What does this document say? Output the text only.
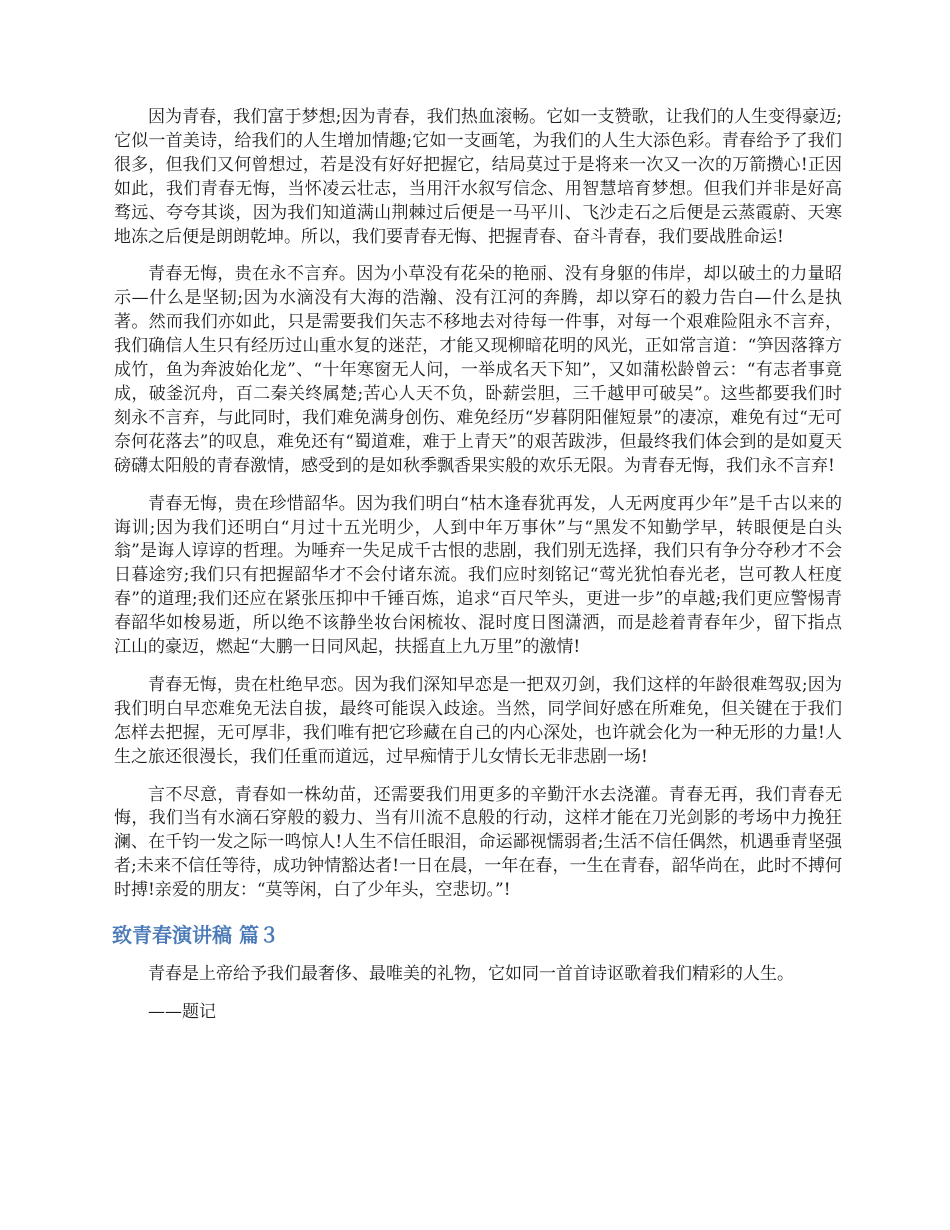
因为青春，我们富于梦想;因为青春，我们热血滚畅。它如一支赞歌，让我们的人生变得豪迈;它似一首美诗，给我们的人生增加情趣;它如一支画笔，为我们的人生大添色彩。青春给予了我们很多，但我们又何曾想过，若是没有好好把握它，结局莫过于是将来一次又一次的万箭攒心!正因如此，我们青春无悔，当怀凌云壮志，当用汗水叙写信念、用智慧培育梦想。但我们并非是好高骛远、夸夸其谈，因为我们知道满山荆棘过后便是一马平川、飞沙走石之后便是云蒸霞蔚、天寒地冻之后便是朗朗乾坤。所以，我们要青春无悔、把握青春、奋斗青春，我们要战胜命运!

青春无悔，贵在永不言弃。因为小草没有花朵的艳丽、没有身躯的伟岸，却以破土的力量昭示—什么是坚韧;因为水滴没有大海的浩瀚、没有江河的奔腾，却以穿石的毅力告白—什么是执著。然而我们亦如此，只是需要我们矢志不移地去对待每一件事，对每一个艰难险阻永不言弃，我们确信人生只有经历过山重水复的迷茫，才能又现柳暗花明的风光，正如常言道：“笋因落箨方成竹，鱼为奔波始化龙”、“十年寒窗无人问，一举成名天下知”，又如蒲松龄曾云：“有志者事竟成，破釜沉舟，百二秦关终属楚;苦心人天不负，卧薪尝胆，三千越甲可破吴”。这些都要我们时刻永不言弃，与此同时，我们难免满身创伤、难免经历“岁暮阴阳催短景”的凄凉，难免有过“无可奈何花落去”的叹息，难免还有“蜀道难，难于上青天”的艰苦跋涉，但最终我们体会到的是如夏天磅礴太阳般的青春激情，感受到的是如秋季飘香果实般的欢乐无限。为青春无悔，我们永不言弃!

青春无悔，贵在珍惜韶华。因为我们明白“枯木逢春犹再发，人无两度再少年”是千古以来的诲训;因为我们还明白“月过十五光明少，人到中年万事休”与“黑发不知勤学早，转眼便是白头翁”是诲人谆谆的哲理。为唾弃一失足成千古恨的悲剧，我们别无选择，我们只有争分夺秒才不会日暮途穷;我们只有把握韶华才不会付诸东流。我们应时刻铭记“莺光犹怕春光老，岂可教人枉度春”的道理;我们还应在紧张压抑中千锤百炼，追求“百尺竿头，更进一步”的卓越;我们更应警惕青春韶华如梭易逝，所以绝不该静坐妆台闲梳妆、混时度日图潇洒，而是趁着青春年少，留下指点江山的豪迈，燃起“大鹏一日同风起，扶摇直上九万里”的激情!

青春无悔，贵在杜绝早恋。因为我们深知早恋是一把双刃剑，我们这样的年龄很难驾驭;因为我们明白早恋难免无法自拔，最终可能误入歧途。当然，同学间好感在所难免，但关键在于我们怎样去把握，无可厚非，我们唯有把它珍藏在自己的内心深处，也许就会化为一种无形的力量!人生之旅还很漫长，我们任重而道远，过早痴情于儿女情长无非悲剧一场!

言不尽意，青春如一株幼苗，还需要我们用更多的辛勤汗水去浇灌。青春无再，我们青春无悔，我们当有水滴石穿般的毅力、当有川流不息般的行动，这样才能在刀光剑影的考场中力挽狂澜、在千钧一发之际一鸣惊人!人生不信任眼泪，命运鄙视懦弱者;生活不信任偶然，机遇垂青坚强者;未来不信任等待，成功钟情豁达者!一日在晨，一年在春，一生在青春，韶华尚在，此时不搏何时搏!亲爱的朋友：“莫等闲，白了少年头，空悲切。”!

致青春演讲稿 篇３

青春是上帝给予我们最奢侈、最唯美的礼物，它如同一首首诗讴歌着我们精彩的人生。

——题记
